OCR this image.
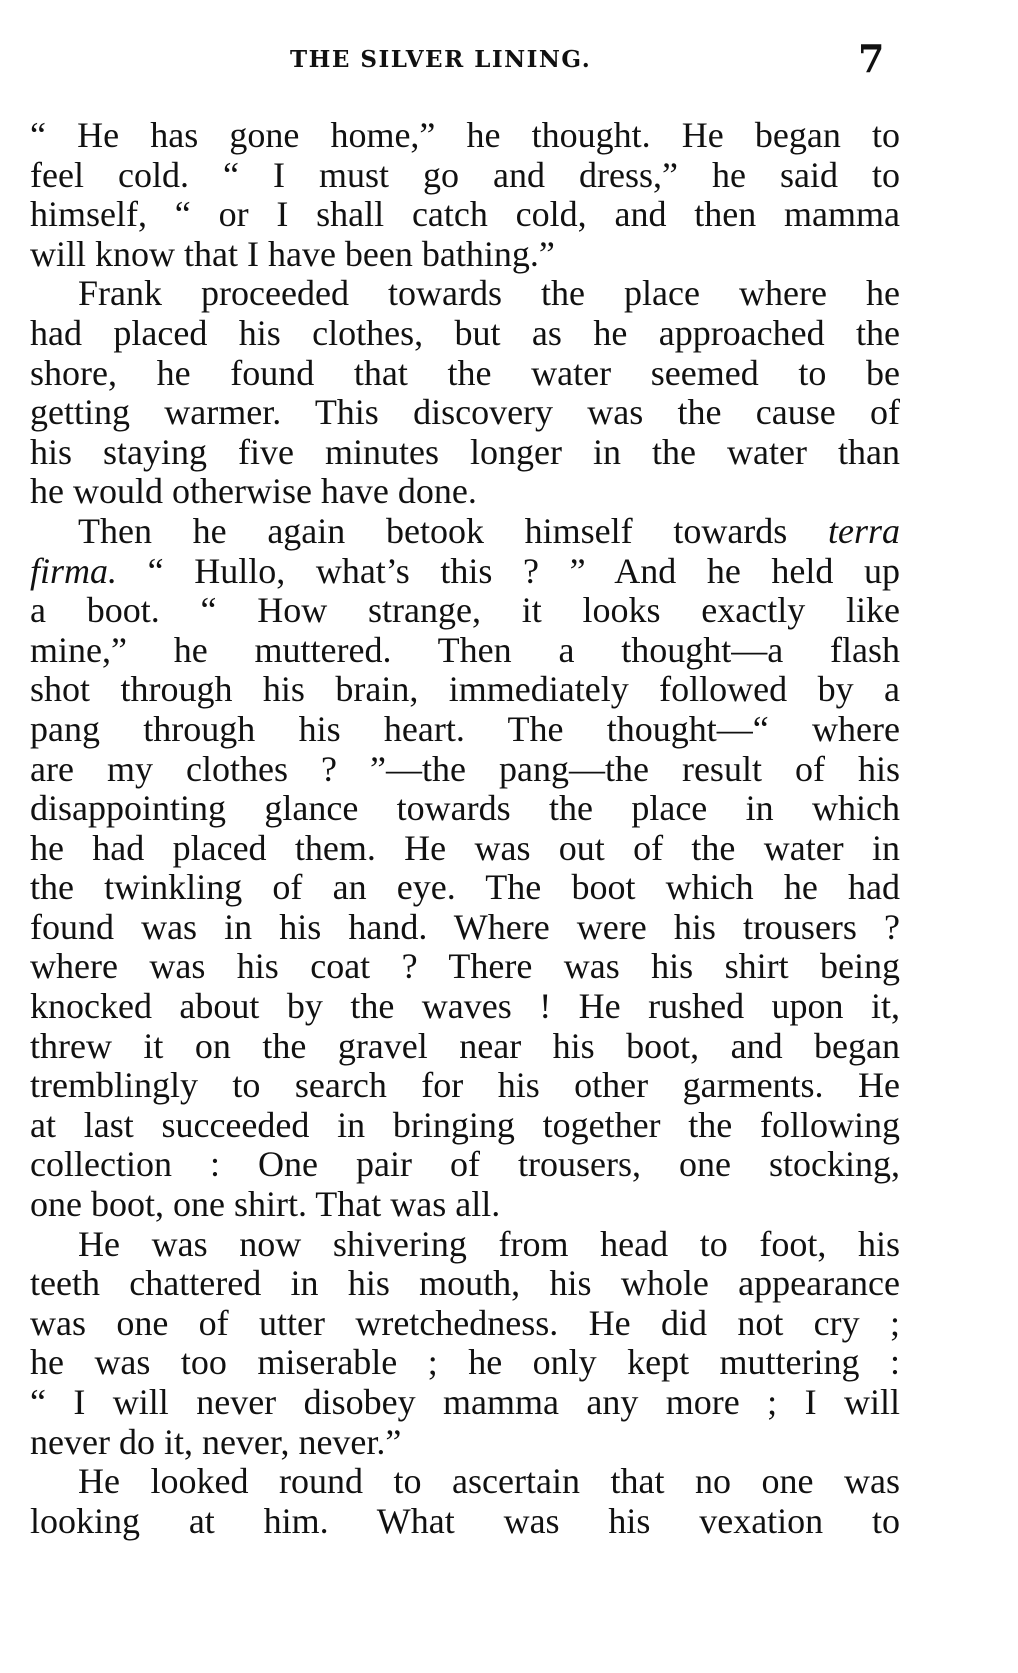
THE SILVER LINING.	7
“ He has gone home,” he thought. He began to
feel cold. “ I must go and dress,” he said to
himself, “ or I shall catch cold, and then mamma
will know that I have been bathing.”
Frank proceeded towards the place where he
had placed his clothes, but as he approached the
shore, he found that the water seemed to be
getting warmer. This discovery was the cause of
his staying five minutes longer in the water than
he would otherwise have done.
Then he again betook himself towards terra
firma. “ Hullo, what’s this ? ” And he held up
a boot. “ How strange, it looks exactly like
mine,” he muttered. Then a thought—a flash
shot through his brain, immediately followed by a
pang through his heart. The thought—“ where
are my clothes ? ”—the pang—the result of his
disappointing glance towards the place in which
he had placed them. He was out of the water in
the twinkling of an eye. The boot which he had
found was in his hand. Where were his trousers ?
where was his coat ? There was his shirt being
knocked about by the waves ! He rushed upon it,
threw it on the gravel near his boot, and began
tremblingly to search for his other garments. He
at last succeeded in bringing together the following
collection : One pair of trousers, one stocking,
one boot, one shirt. That was all.
He was now shivering from head to foot, his
teeth chattered in his mouth, his whole appearance
was one of utter wretchedness. He did not cry ;
he was too miserable ; he only kept muttering :
“ I will never disobey mamma any more ; I will
never do it, never, never.”
He looked round to ascertain that no one was
looking at him. What was his vexation to
